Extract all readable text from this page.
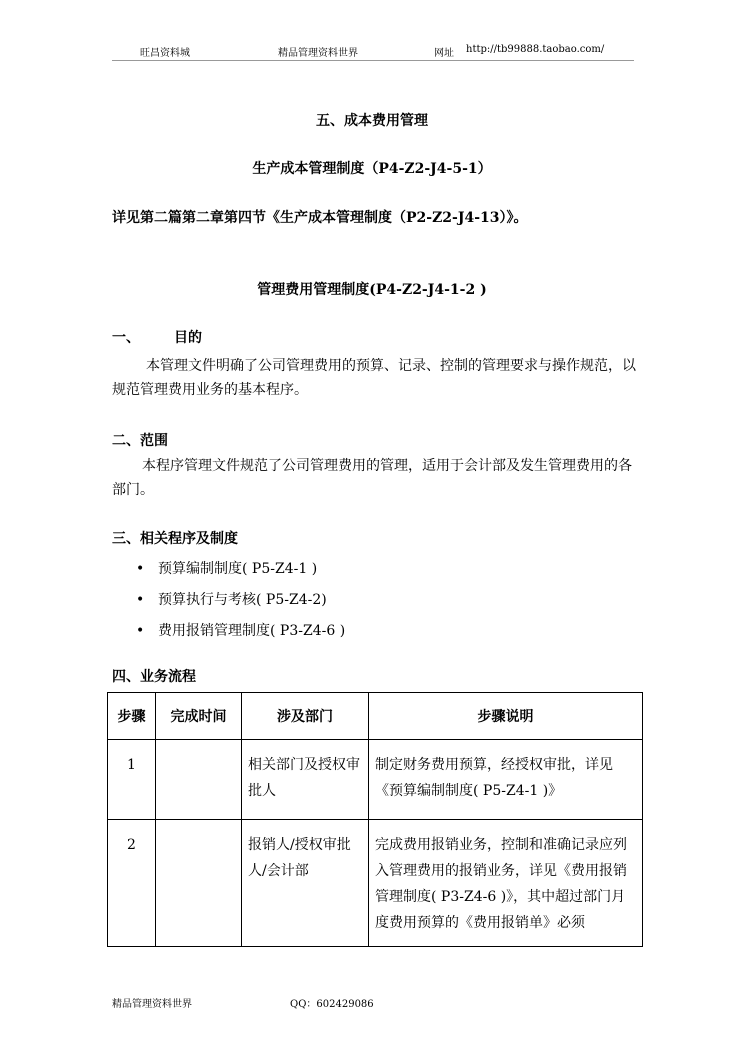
旺昌资料城	精品管理资料世界	网址 http://tb99888.taobao.com/
五、成本费用管理
生产成本管理制度（P4-Z2-J4-5-1）
详见第二篇第二章第四节《生产成本管理制度（P2-Z2-J4-13）》。
管理费用管理制度(P4-Z2-J4-1-2 )
一、 目的
本管理文件明确了公司管理费用的预算、记录、控制的管理要求与操作规范，以规范管理费用业务的基本程序。
二、范围
本程序管理文件规范了公司管理费用的管理，适用于会计部及发生管理费用的各部门。
三、相关程序及制度
• 预算编制制度( P5-Z4-1 )
• 预算执行与考核( P5-Z4-2)
• 费用报销管理制度( P3-Z4-6 )
四、业务流程
步骤	完成时间	涉及部门	步骤说明
1		相关部门及授权审批人	制定财务费用预算，经授权审批，详见《预算编制制度( P5-Z4-1 )》
2		报销人/授权审批人/会计部	完成费用报销业务，控制和准确记录应列入管理费用的报销业务，详见《费用报销管理制度( P3-Z4-6 )》，其中超过部门月度费用预算的《费用报销单》必须
精品管理资料世界	QQ：602429086
